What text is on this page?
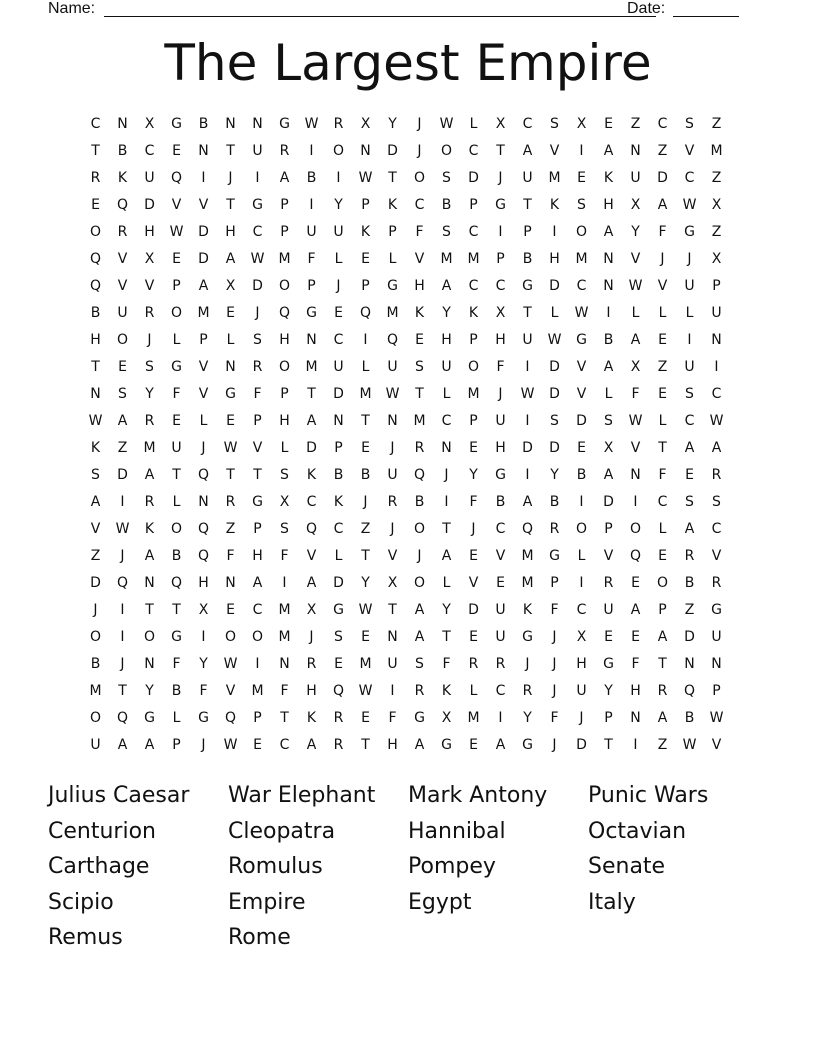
Name:	Date:
The Largest Empire
C	N	X	G	B	N	N	G	W	R	X	Y	J	W	L	X	C	S	X	E	Z	C	S	Z
T	B	C	E	N	T	U	R	I	O	N	D	J	O	C	T	A	V	I	A	N	Z	V	M
R	K	U	Q	I	J	I	A	B	I	W	T	O	S	D	J	U	M	E	K	U	D	C	Z
E	Q	D	V	V	T	G	P	I	Y	P	K	C	B	P	G	T	K	S	H	X	A	W	X
O	R	H	W	D	H	C	P	U	U	K	P	F	S	C	I	P	I	O	A	Y	F	G	Z
Q	V	X	E	D	A	W	M	F	L	E	L	V	M	M	P	B	H	M	N	V	J	J	X
Q	V	V	P	A	X	D	O	P	J	P	G	H	A	C	C	G	D	C	N	W	V	U	P
B	U	R	O	M	E	J	Q	G	E	Q	M	K	Y	K	X	T	L	W	I	L	L	L	U
H	O	J	L	P	L	S	H	N	C	I	Q	E	H	P	H	U	W	G	B	A	E	I	N
T	E	S	G	V	N	R	O	M	U	L	U	S	U	O	F	I	D	V	A	X	Z	U	I
N	S	Y	F	V	G	F	P	T	D	M	W	T	L	M	J	W	D	V	L	F	E	S	C
W	A	R	E	L	E	P	H	A	N	T	N	M	C	P	U	I	S	D	S	W	L	C	W
K	Z	M	U	J	W	V	L	D	P	E	J	R	N	E	H	D	D	E	X	V	T	A	A
S	D	A	T	Q	T	T	S	K	B	B	U	Q	J	Y	G	I	Y	B	A	N	F	E	R
A	I	R	L	N	R	G	X	C	K	J	R	B	I	F	B	A	B	I	D	I	C	S	S
V	W	K	O	Q	Z	P	S	Q	C	Z	J	O	T	J	C	Q	R	O	P	O	L	A	C
Z	J	A	B	Q	F	H	F	V	L	T	V	J	A	E	V	M	G	L	V	Q	E	R	V
D	Q	N	Q	H	N	A	I	A	D	Y	X	O	L	V	E	M	P	I	R	E	O	B	R
J	I	T	T	X	E	C	M	X	G	W	T	A	Y	D	U	K	F	C	U	A	P	Z	G
O	I	O	G	I	O	O	M	J	S	E	N	A	T	E	U	G	J	X	E	E	A	D	U
B	J	N	F	Y	W	I	N	R	E	M	U	S	F	R	R	J	J	H	G	F	T	N	N
M	T	Y	B	F	V	M	F	H	Q	W	I	R	K	L	C	R	J	U	Y	H	R	Q	P
O	Q	G	L	G	Q	P	T	K	R	E	F	G	X	M	I	Y	F	J	P	N	A	B	W
U	A	A	P	J	W	E	C	A	R	T	H	A	G	E	A	G	J	D	T	I	Z	W	V
Julius Caesar	War Elephant	Mark Antony	Punic Wars
Centurion	Cleopatra	Hannibal	Octavian
Carthage	Romulus	Pompey	Senate
Scipio	Empire	Egypt	Italy
Remus	Rome
